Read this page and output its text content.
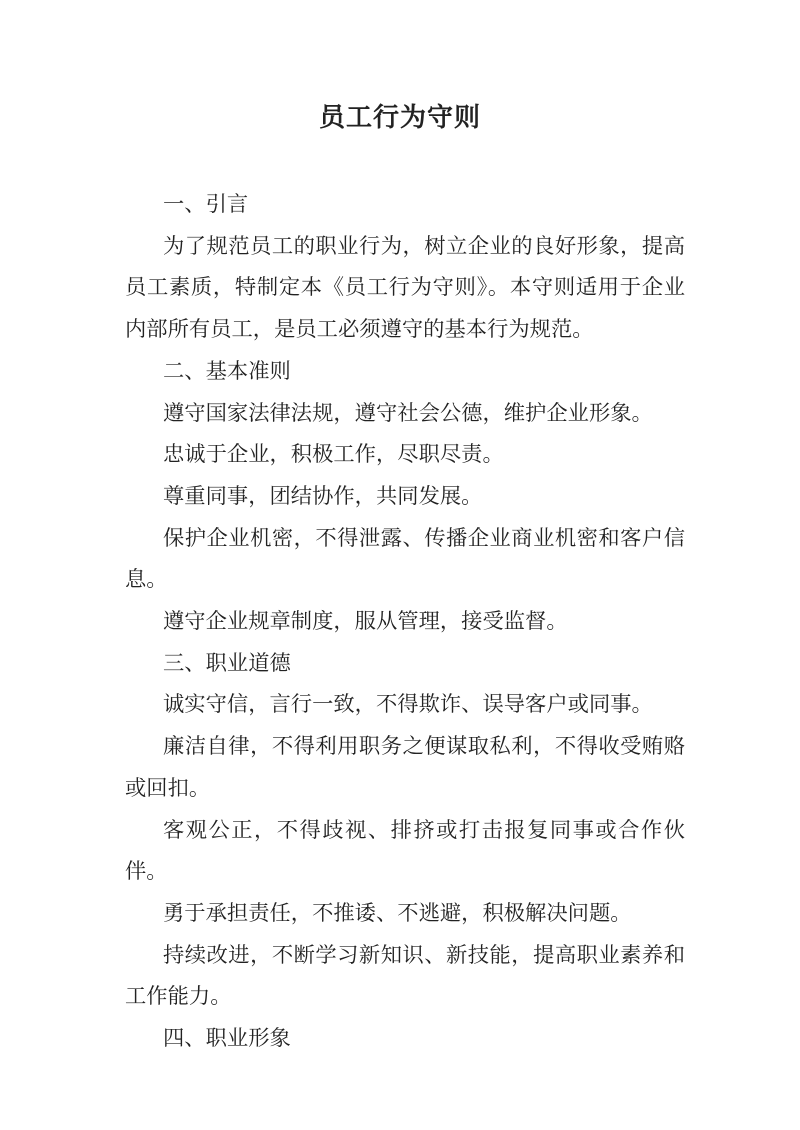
员工行为守则

一、引言

为了规范员工的职业行为，树立企业的良好形象，提高员工素质，特制定本《员工行为守则》。本守则适用于企业内部所有员工，是员工必须遵守的基本行为规范。

二、基本准则

遵守国家法律法规，遵守社会公德，维护企业形象。

忠诚于企业，积极工作，尽职尽责。

尊重同事，团结协作，共同发展。

保护企业机密，不得泄露、传播企业商业机密和客户信息。

遵守企业规章制度，服从管理，接受监督。

三、职业道德

诚实守信，言行一致，不得欺诈、误导客户或同事。

廉洁自律，不得利用职务之便谋取私利，不得收受贿赂或回扣。

客观公正，不得歧视、排挤或打击报复同事或合作伙伴。

勇于承担责任，不推诿、不逃避，积极解决问题。

持续改进，不断学习新知识、新技能，提高职业素养和工作能力。

四、职业形象
